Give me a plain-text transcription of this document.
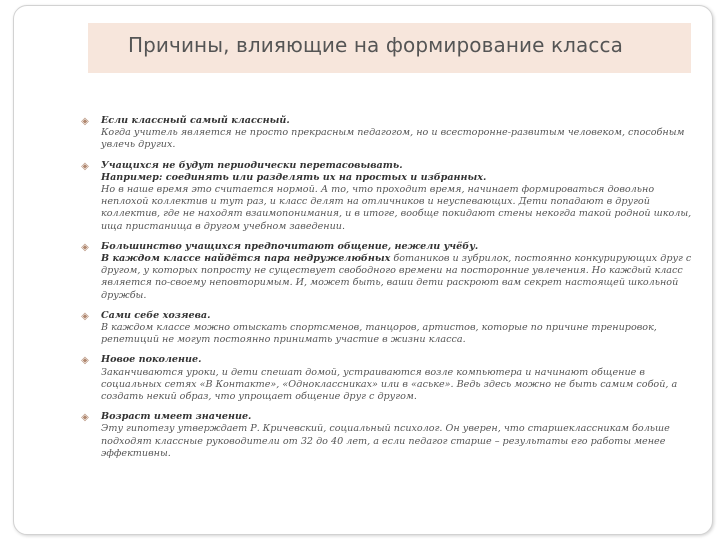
Причины, влияющие на формирование класса
◈	Если классный самый классный.
Когда учитель является не просто прекрасным педагогом, но и всесторонне-развитым человеком, способным увлечь других.
◈	Учащихся не будут периодически перетасовывать.
Например: соединять или разделять их на простых и избранных.
Но в наше время это считается нормой. А то, что проходит время, начинает формироваться довольно неплохой коллектив и тут раз, и класс делят на отличников и неуспевающих. Дети попадают в другой коллектив, где не находят взаимопонимания, и в итоге, вообще покидают стены некогда такой родной школы, ища пристанища в другом учебном заведении.
◈	Большинство учащихся предпочитают общение, нежели учёбу.
В каждом классе найдётся пара недружелюбных ботаников и зубрилок, постоянно конкурирующих друг с другом, у которых попросту не существует свободного времени на посторонние увлечения. Но каждый класс является по-своему неповторимым. И, может быть, ваши дети раскроют вам секрет настоящей школьной дружбы.
◈	Сами себе хозяева.
В каждом классе можно отыскать спортсменов, танцоров, артистов, которые по причине тренировок, репетиций не могут постоянно принимать участие в жизни класса.
◈	Новое поколение.
Заканчиваются уроки, и дети спешат домой, устраиваются возле компьютера и начинают общение в социальных сетях «В Контакте», «Одноклассниках» или в «аське». Ведь здесь можно не быть самим собой, а создать некий образ, что упрощает общение друг с другом.
◈	Возраст имеет значение.
Эту гипотезу утверждает Р. Кричевский, социальный психолог. Он уверен, что старшеклассникам больше подходят классные руководители от 32 до 40 лет, а если педагог старше – результаты его работы менее эффективны.
